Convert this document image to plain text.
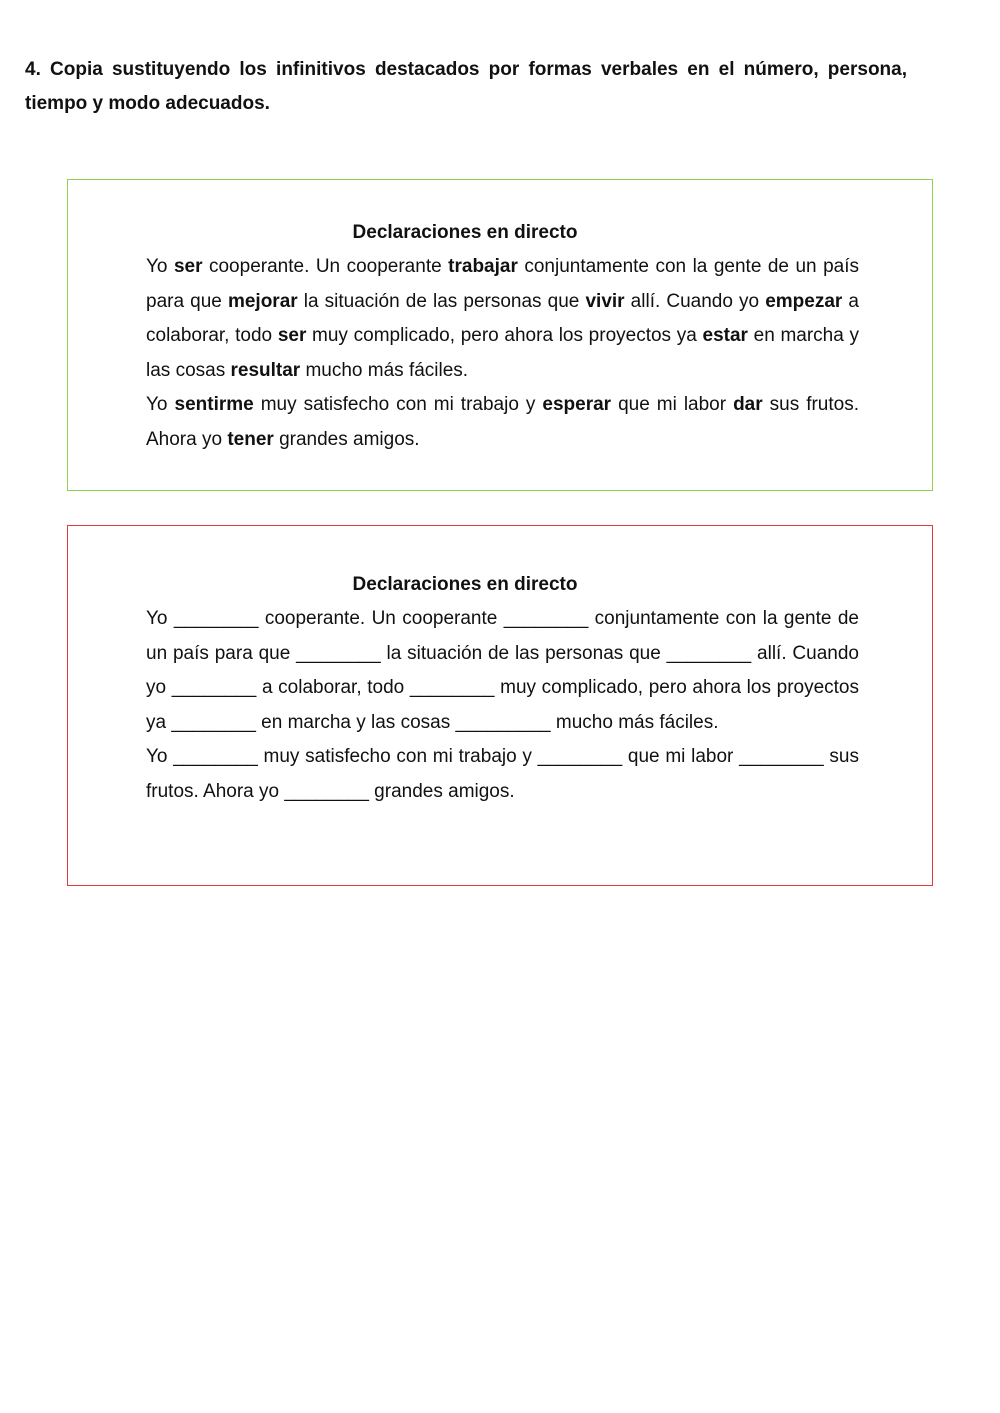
4. Copia sustituyendo los infinitivos destacados por formas verbales en el número, persona, tiempo y modo adecuados.
Declaraciones en directo

Yo ser cooperante. Un cooperante trabajar conjuntamente con la gente de un país para que mejorar la situación de las personas que vivir allí. Cuando yo empezar a colaborar, todo ser muy complicado, pero ahora los proyectos ya estar en marcha y las cosas resultar mucho más fáciles.

Yo sentirme muy satisfecho con mi trabajo y esperar que mi labor dar sus frutos. Ahora yo tener grandes amigos.

Declaraciones en directo

Yo ________ cooperante. Un cooperante ________ conjuntamente con la gente de un país para que ________ la situación de las personas que ________ allí. Cuando yo ________ a colaborar, todo ________ muy complicado, pero ahora los proyectos ya ________ en marcha y las cosas _________ mucho más fáciles.

Yo ________ muy satisfecho con mi trabajo y ________ que mi labor ________ sus frutos. Ahora yo ________ grandes amigos.
